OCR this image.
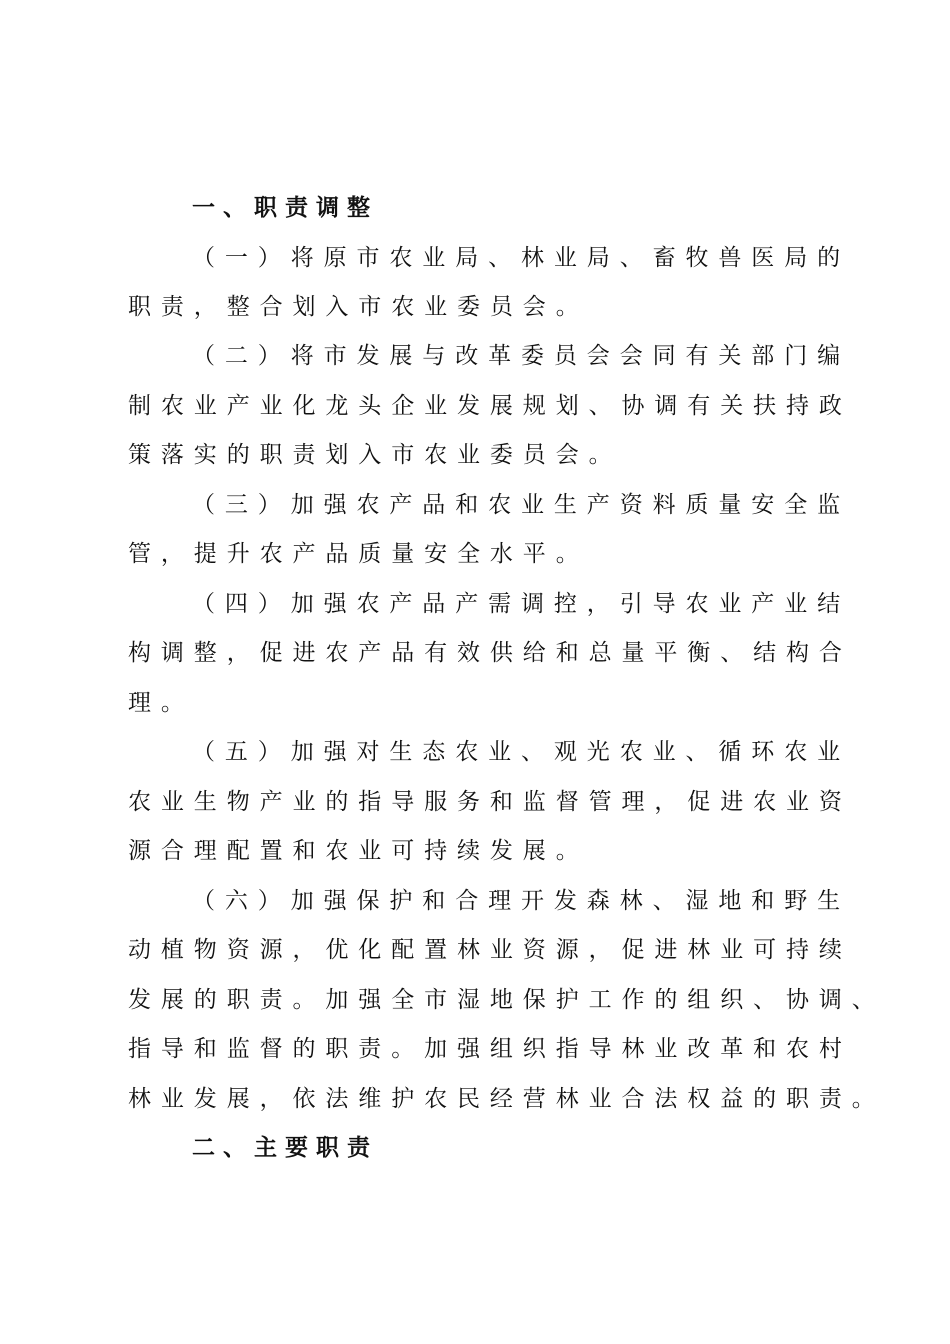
一、职责调整
（一）将原市农业局、林业局、畜牧兽医局的
职责，整合划入市农业委员会。
（二）将市发展与改革委员会会同有关部门编
制农业产业化龙头企业发展规划、协调有关扶持政
策落实的职责划入市农业委员会。
（三）加强农产品和农业生产资料质量安全监
管，提升农产品质量安全水平。
（四）加强农产品产需调控，引导农业产业结
构调整，促进农产品有效供给和总量平衡、结构合
理。
（五）加强对生态农业、观光农业、循环农业
农业生物产业的指导服务和监督管理，促进农业资
源合理配置和农业可持续发展。
（六）加强保护和合理开发森林、湿地和野生
动植物资源，优化配置林业资源，促进林业可持续
发展的职责。加强全市湿地保护工作的组织、协调、
指导和监督的职责。加强组织指导林业改革和农村
林业发展，依法维护农民经营林业合法权益的职责。
二、主要职责
